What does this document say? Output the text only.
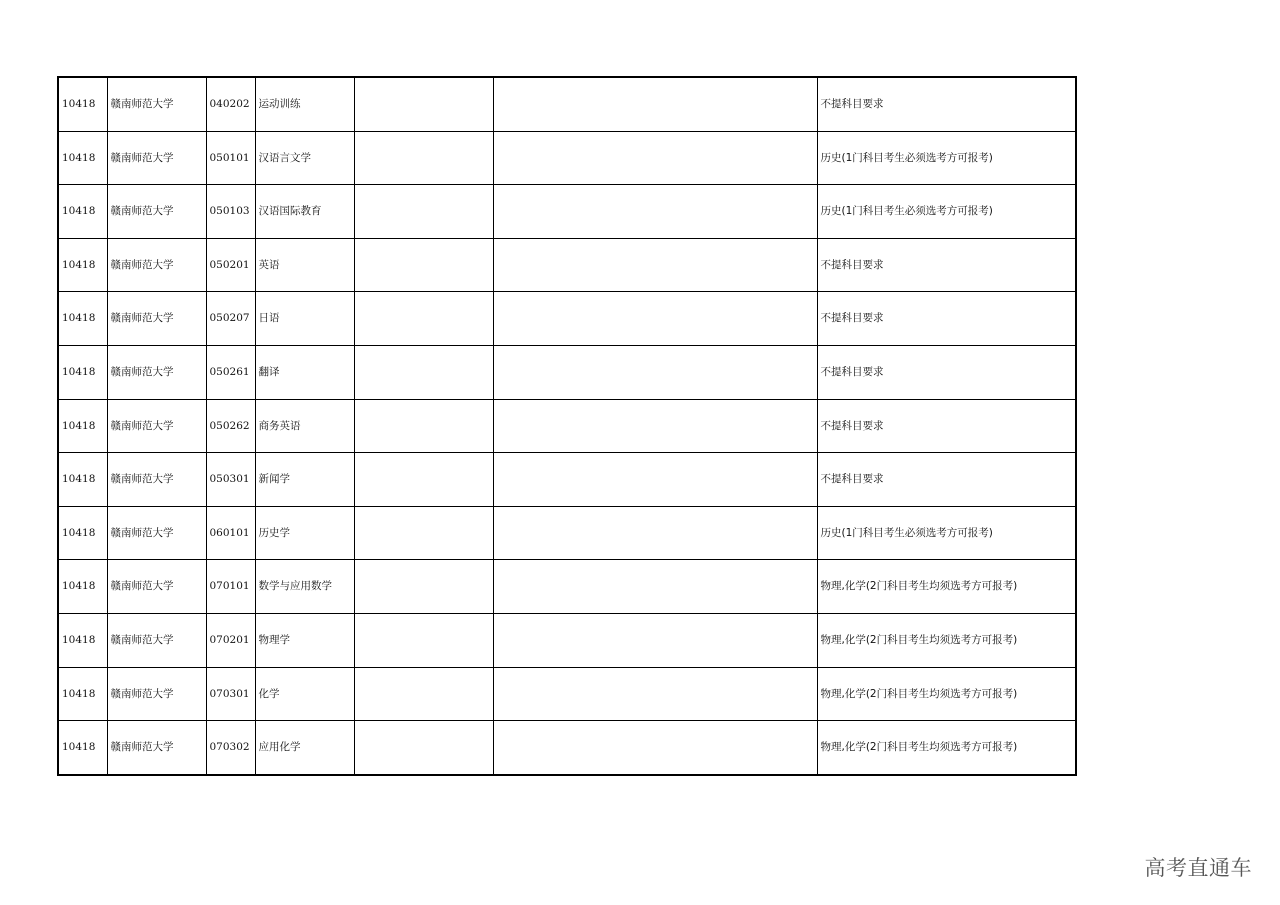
10418	赣南师范大学	040202	运动训练			不提科目要求
10418	赣南师范大学	050101	汉语言文学			历史(1门科目考生必须选考方可报考)
10418	赣南师范大学	050103	汉语国际教育			历史(1门科目考生必须选考方可报考)
10418	赣南师范大学	050201	英语			不提科目要求
10418	赣南师范大学	050207	日语			不提科目要求
10418	赣南师范大学	050261	翻译			不提科目要求
10418	赣南师范大学	050262	商务英语			不提科目要求
10418	赣南师范大学	050301	新闻学			不提科目要求
10418	赣南师范大学	060101	历史学			历史(1门科目考生必须选考方可报考)
10418	赣南师范大学	070101	数学与应用数学			物理,化学(2门科目考生均须选考方可报考)
10418	赣南师范大学	070201	物理学			物理,化学(2门科目考生均须选考方可报考)
10418	赣南师范大学	070301	化学			物理,化学(2门科目考生均须选考方可报考)
10418	赣南师范大学	070302	应用化学			物理,化学(2门科目考生均须选考方可报考)
高考直通车
